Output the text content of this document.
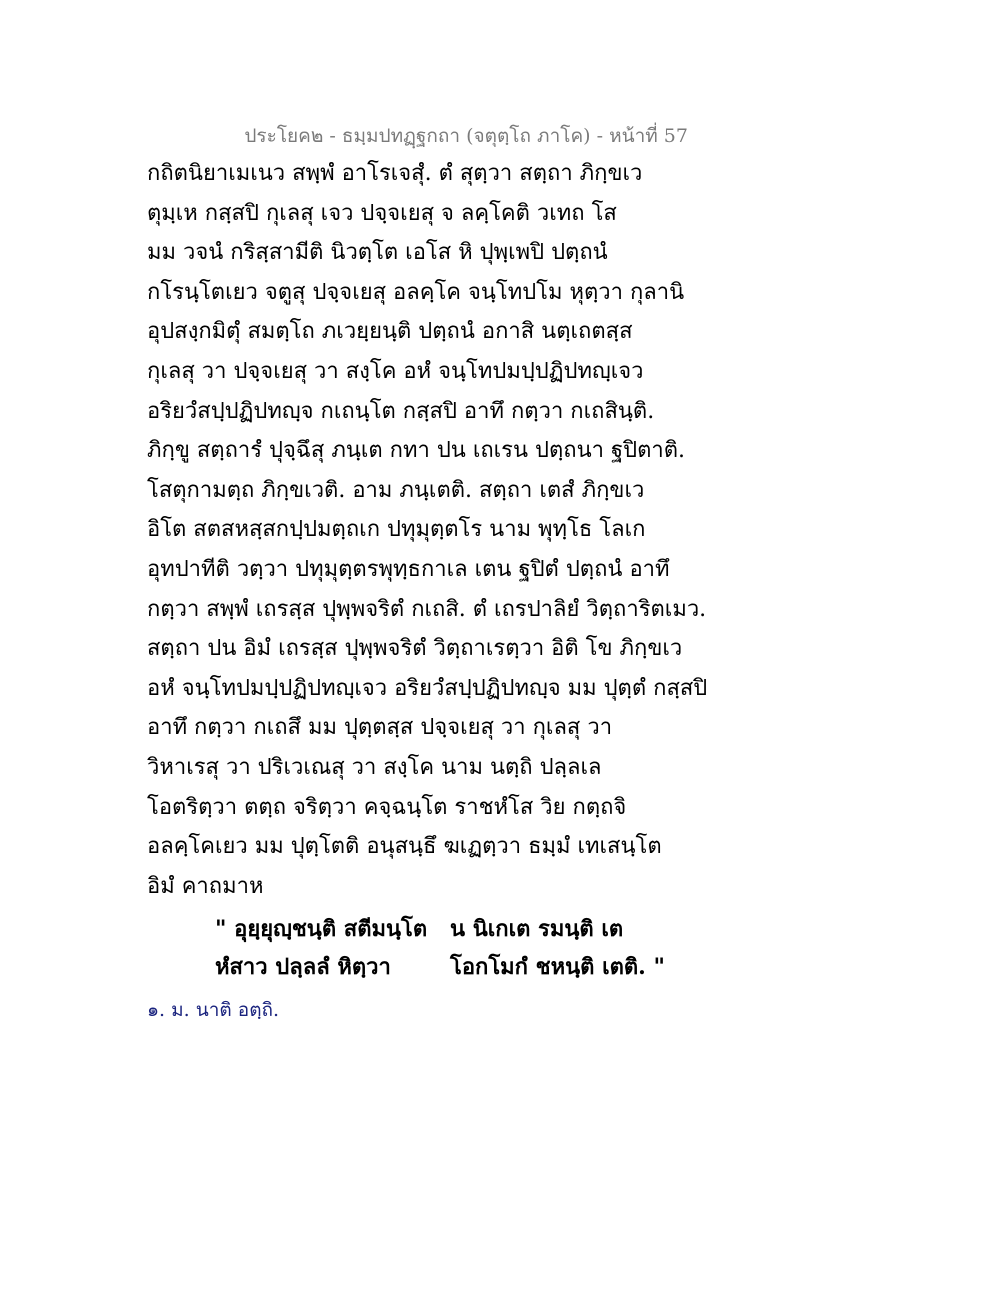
ประโยค๒ - ธมฺมปทฏฺฐกถา (จตุตฺโถ ภาโค) - หน้าที่ 57
กถิตนิยาเมเนว สพฺพํ อาโรเจสุํ. ตํ สุตฺวา สตฺถา ภิกฺขเว
ตุมฺเห กสฺสปิ กุเลสุ เจว ปจฺจเยสุ จ ลคฺโคติ วเทถ โส
มม วจนํ กริสฺสามีติ นิวตฺโต เอโส หิ ปุพฺเพปิ ปตฺถนํ
กโรนฺโตเยว จตูสุ ปจฺจเยสุ อลคฺโค จนฺโทปโม หุตฺวา กุลานิ
อุปสงฺกมิตุํ สมตฺโถ ภเวยฺยนฺติ ปตฺถนํ อกาสิ นตฺเถตสฺส
กุเลสุ วา ปจฺจเยสุ วา สงฺโค อหํ จนฺโทปมปฺปฏิปทญฺเจว
อริยวํสปฺปฏิปทญฺจ กเถนฺโต กสฺสปิ อาทึ กตฺวา กเถสินฺติ.
ภิกฺขู สตฺถารํ ปุจฺฉึสุ ภนฺเต กทา ปน เถเรน ปตฺถนา ฐปิตาติ.
โสตุกามตฺถ ภิกฺขเวติ. อาม ภนฺเตติ. สตฺถา เตสํ ภิกฺขเว
อิโต สตสหสฺสกปฺปมตฺถเก ปทุมุตฺตโร นาม พุทฺโธ โลเก
อุทปาทีติ วตฺวา ปทุมุตฺตรพุทฺธกาเล เตน ฐปิตํ ปตฺถนํ อาทึ
กตฺวา สพฺพํ เถรสฺส ปุพฺพจริตํ กเถสิ. ตํ เถรปาลิยํ วิตฺถาริตเมว.
สตฺถา ปน อิมํ เถรสฺส ปุพฺพจริตํ วิตฺถาเรตฺวา อิติ โข ภิกฺขเว
อหํ จนฺโทปมปฺปฏิปทญฺเจว อริยวํสปฺปฏิปทญฺจ มม ปุตฺตํ กสฺสปิ
อาทึ กตฺวา กเถสึ มม ปุตฺตสฺส ปจฺจเยสุ วา กุเลสุ วา
วิหาเรสุ วา ปริเวเณสุ วา สงฺโค นาม นตฺถิ ปลฺลเล
โอตริตฺวา ตตฺถ จริตฺวา คจฺฉนฺโต ราชหํโส วิย กตฺถจิ
อลคฺโคเยว มม ปุตฺโตติ อนุสนฺธึ ฆเฏตฺวา ธมฺมํ เทเสนฺโต
อิมํ คาถมาห
" อุยฺยุญฺชนฺติ สตีมนฺโต น นิเกเต รมนฺติ เต
หํสาว ปลฺลลํ หิตฺวา	โอกโมกํ ชหนฺติ เตติ. "
๑. ม. นาติ อตฺถิ.
